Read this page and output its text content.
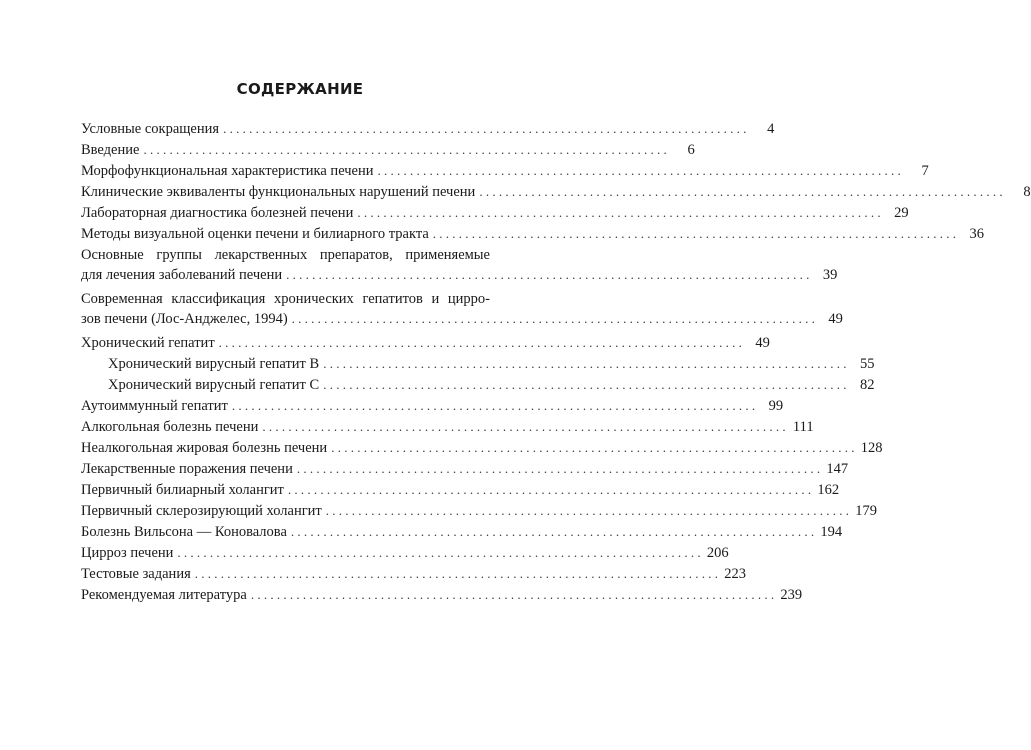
СОДЕРЖАНИЕ
Условные сокращения . . .	4
Введение . . .	6
Морфофункциональная характеристика печени . . .	7
Клинические эквиваленты функциональных нарушений печени . . .	8
Лабораторная диагностика болезней печени . . .	29
Методы визуальной оценки печени и билиарного тракта . . .	36
Основные группы лекарственных препаратов, применяемые
для лечения заболеваний печени . . .	39
Современная классификация хронических гепатитов и цирро-
зов печени (Лос-Анджелес, 1994) . . .	49
Хронический гепатит . . .	49
Хронический вирусный гепатит B . . .	55
Хронический вирусный гепатит C . . .	82
Аутоиммунный гепатит . . .	99
Алкогольная болезнь печени . . .	111
Неалкогольная жировая болезнь печени . . .	128
Лекарственные поражения печени . . .	147
Первичный билиарный холангит . . .	162
Первичный склерозирующий холангит . . .	179
Болезнь Вильсона — Коновалова . . .	194
Цирроз печени . . .	206
Тестовые задания . . .	223
Рекомендуемая литература . . .	239
